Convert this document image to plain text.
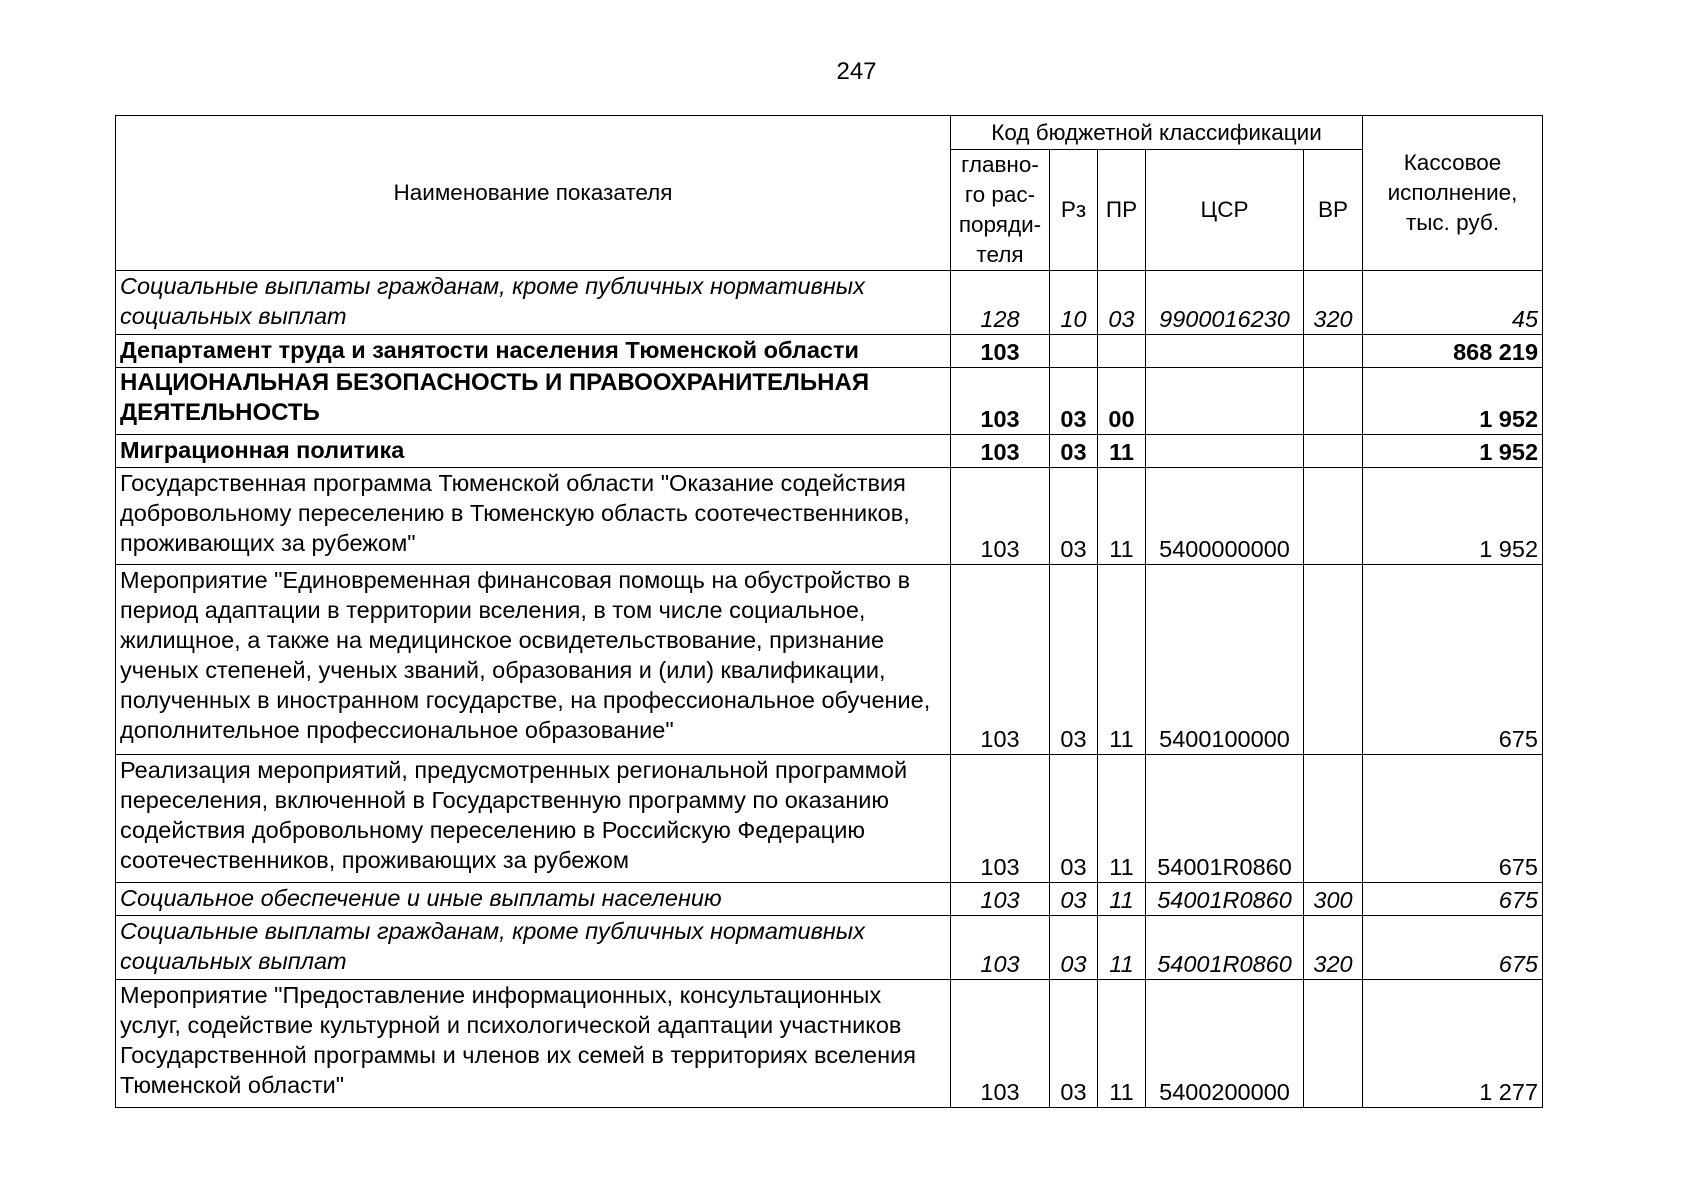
247
Наименование показателя	Код бюджетной классификации					Кассовое исполнение, тыс. руб.
	главно-го рас-поряди-теля	Рз	ПР	ЦСР	ВР	
Социальные выплаты гражданам, кроме публичных нормативных социальных выплат	128	10	03	9900016230	320	45
Департамент труда и занятости населения Тюменской области	103					868 219
НАЦИОНАЛЬНАЯ БЕЗОПАСНОСТЬ И ПРАВООХРАНИТЕЛЬНАЯ ДЕЯТЕЛЬНОСТЬ	103	03	00			1 952
Миграционная политика	103	03	11			1 952
Государственная программа Тюменской области "Оказание содействия добровольному переселению в Тюменскую область соотечественников, проживающих за рубежом"	103	03	11	5400000000		1 952
Мероприятие "Единовременная финансовая помощь на обустройство в период адаптации в территории вселения, в том числе социальное, жилищное, а также на медицинское освидетельствование, признание ученых степеней, ученых званий, образования и (или) квалификации, полученных в иностранном государстве, на профессиональное обучение, дополнительное профессиональное образование"	103	03	11	5400100000		675
Реализация мероприятий, предусмотренных региональной программой переселения, включенной в Государственную программу по оказанию содействия добровольному переселению в Российскую Федерацию соотечественников, проживающих за рубежом	103	03	11	54001R0860		675
Социальное обеспечение и иные выплаты населению	103	03	11	54001R0860	300	675
Социальные выплаты гражданам, кроме публичных нормативных социальных выплат	103	03	11	54001R0860	320	675
Мероприятие "Предоставление информационных, консультационных услуг, содействие культурной и психологической адаптации участников Государственной программы и членов их семей в территориях вселения Тюменской области"	103	03	11	5400200000		1 277
